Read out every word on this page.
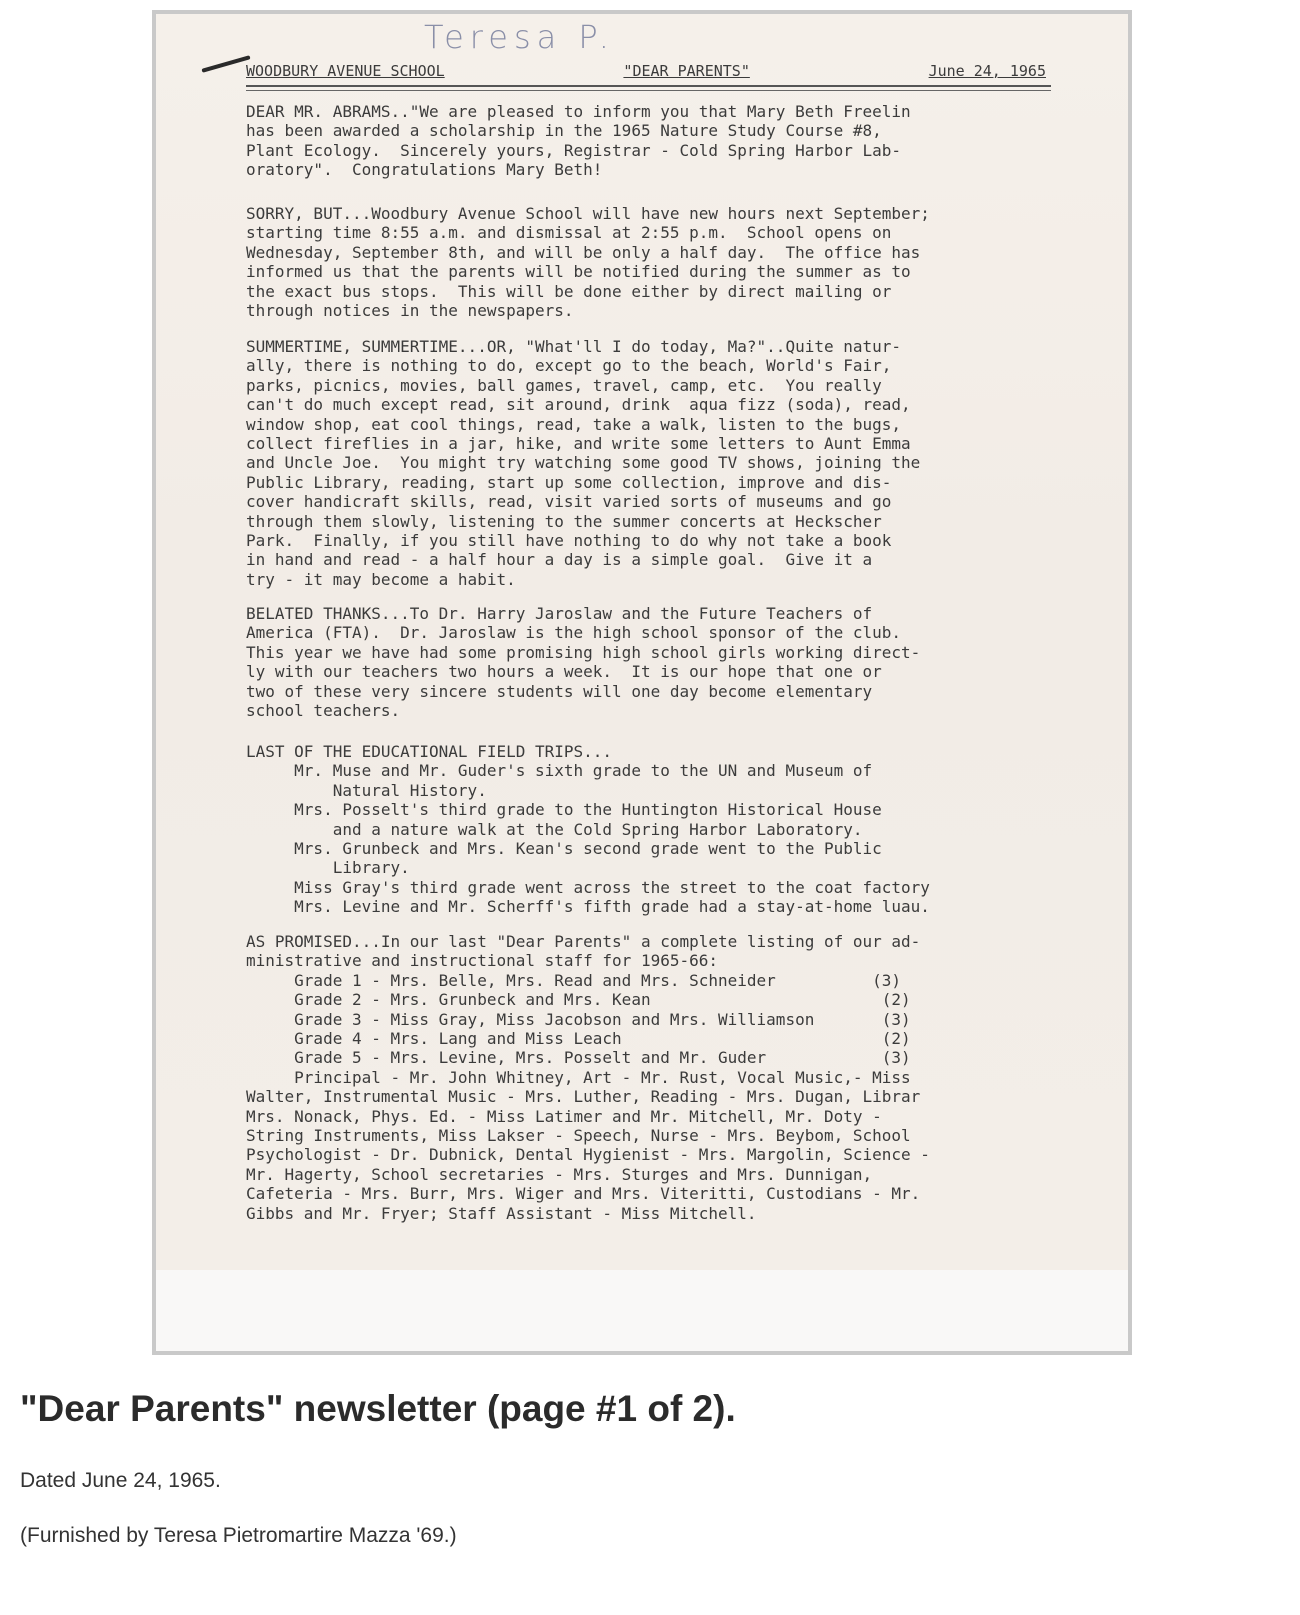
Teresa P.
WOODBURY AVENUE SCHOOL	"DEAR PARENTS"	June 24, 1965
DEAR MR. ABRAMS.."We are pleased to inform you that Mary Beth Freelin
has been awarded a scholarship in the 1965 Nature Study Course #8,
Plant Ecology.  Sincerely yours, Registrar - Cold Spring Harbor Lab-
oratory".  Congratulations Mary Beth!
SORRY, BUT...Woodbury Avenue School will have new hours next September;
starting time 8:55 a.m. and dismissal at 2:55 p.m.  School opens on
Wednesday, September 8th, and will be only a half day.  The office has
informed us that the parents will be notified during the summer as to
the exact bus stops.  This will be done either by direct mailing or
through notices in the newspapers.
SUMMERTIME, SUMMERTIME...OR, "What'll I do today, Ma?"..Quite natur-
ally, there is nothing to do, except go to the beach, World's Fair,
parks, picnics, movies, ball games, travel, camp, etc.  You really
can't do much except read, sit around, drink  aqua fizz (soda), read,
window shop, eat cool things, read, take a walk, listen to the bugs,
collect fireflies in a jar, hike, and write some letters to Aunt Emma
and Uncle Joe.  You might try watching some good TV shows, joining the
Public Library, reading, start up some collection, improve and dis-
cover handicraft skills, read, visit varied sorts of museums and go
through them slowly, listening to the summer concerts at Heckscher
Park.  Finally, if you still have nothing to do why not take a book
in hand and read - a half hour a day is a simple goal.  Give it a
try - it may become a habit.
BELATED THANKS...To Dr. Harry Jaroslaw and the Future Teachers of
America (FTA).  Dr. Jaroslaw is the high school sponsor of the club.
This year we have had some promising high school girls working direct-
ly with our teachers two hours a week.  It is our hope that one or
two of these very sincere students will one day become elementary
school teachers.
LAST OF THE EDUCATIONAL FIELD TRIPS...
Mr. Muse and Mr. Guder's sixth grade to the UN and Museum of
Natural History.
Mrs. Posselt's third grade to the Huntington Historical House
and a nature walk at the Cold Spring Harbor Laboratory.
Mrs. Grunbeck and Mrs. Kean's second grade went to the Public
Library.
Miss Gray's third grade went across the street to the coat factory
Mrs. Levine and Mr. Scherff's fifth grade had a stay-at-home luau.
AS PROMISED...In our last "Dear Parents" a complete listing of our ad-
ministrative and instructional staff for 1965-66:
Grade 1 - Mrs. Belle, Mrs. Read and Mrs. Schneider          (3)
Grade 2 - Mrs. Grunbeck and Mrs. Kean                        (2)
Grade 3 - Miss Gray, Miss Jacobson and Mrs. Williamson       (3)
Grade 4 - Mrs. Lang and Miss Leach                           (2)
Grade 5 - Mrs. Levine, Mrs. Posselt and Mr. Guder            (3)
Principal - Mr. John Whitney, Art - Mr. Rust, Vocal Music,- Miss
Walter, Instrumental Music - Mrs. Luther, Reading - Mrs. Dugan, Librar
Mrs. Nonack, Phys. Ed. - Miss Latimer and Mr. Mitchell, Mr. Doty -
String Instruments, Miss Lakser - Speech, Nurse - Mrs. Beybom, School
Psychologist - Dr. Dubnick, Dental Hygienist - Mrs. Margolin, Science -
Mr. Hagerty, School secretaries - Mrs. Sturges and Mrs. Dunnigan,
Cafeteria - Mrs. Burr, Mrs. Wiger and Mrs. Viteritti, Custodians - Mr.
Gibbs and Mr. Fryer; Staff Assistant - Miss Mitchell.
"Dear Parents" newsletter (page #1 of 2).
Dated June 24, 1965.
(Furnished by Teresa Pietromartire Mazza '69.)
